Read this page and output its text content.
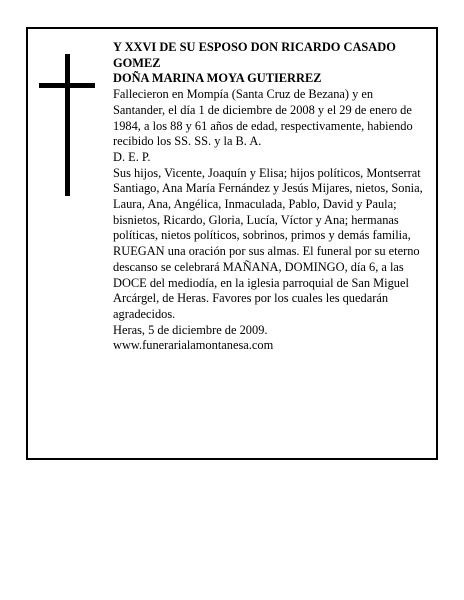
Y XXVI DE SU ESPOSO DON RICARDO CASADO GOMEZ

DOÑA MARINA MOYA GUTIERREZ

Fallecieron en Mompía (Santa Cruz de Bezana) y en Santander, el día 1 de diciembre de 2008 y el 29 de enero de 1984, a los 88 y 61 años de edad, respectivamente, habiendo recibido los SS. SS. y la B. A.

D. E. P.

Sus hijos, Vicente, Joaquín y Elisa; hijos políticos, Montserrat Santiago, Ana María Fernández y Jesús Mijares, nietos, Sonia, Laura, Ana, Angélica, Inmaculada, Pablo, David y Paula; bisnietos, Ricardo, Gloria, Lucía, Víctor y Ana; hermanas políticas, nietos políticos, sobrinos, primos y demás familia,

RUEGAN una oración por sus almas. El funeral por su eterno descanso se celebrará MAÑANA, DOMINGO, día 6, a las DOCE del mediodía, en la iglesia parroquial de San Miguel Arcárgel, de Heras. Favores por los cuales les quedarán agradecidos.

Heras, 5 de diciembre de 2009.

www.funerarialamontanesa.com
